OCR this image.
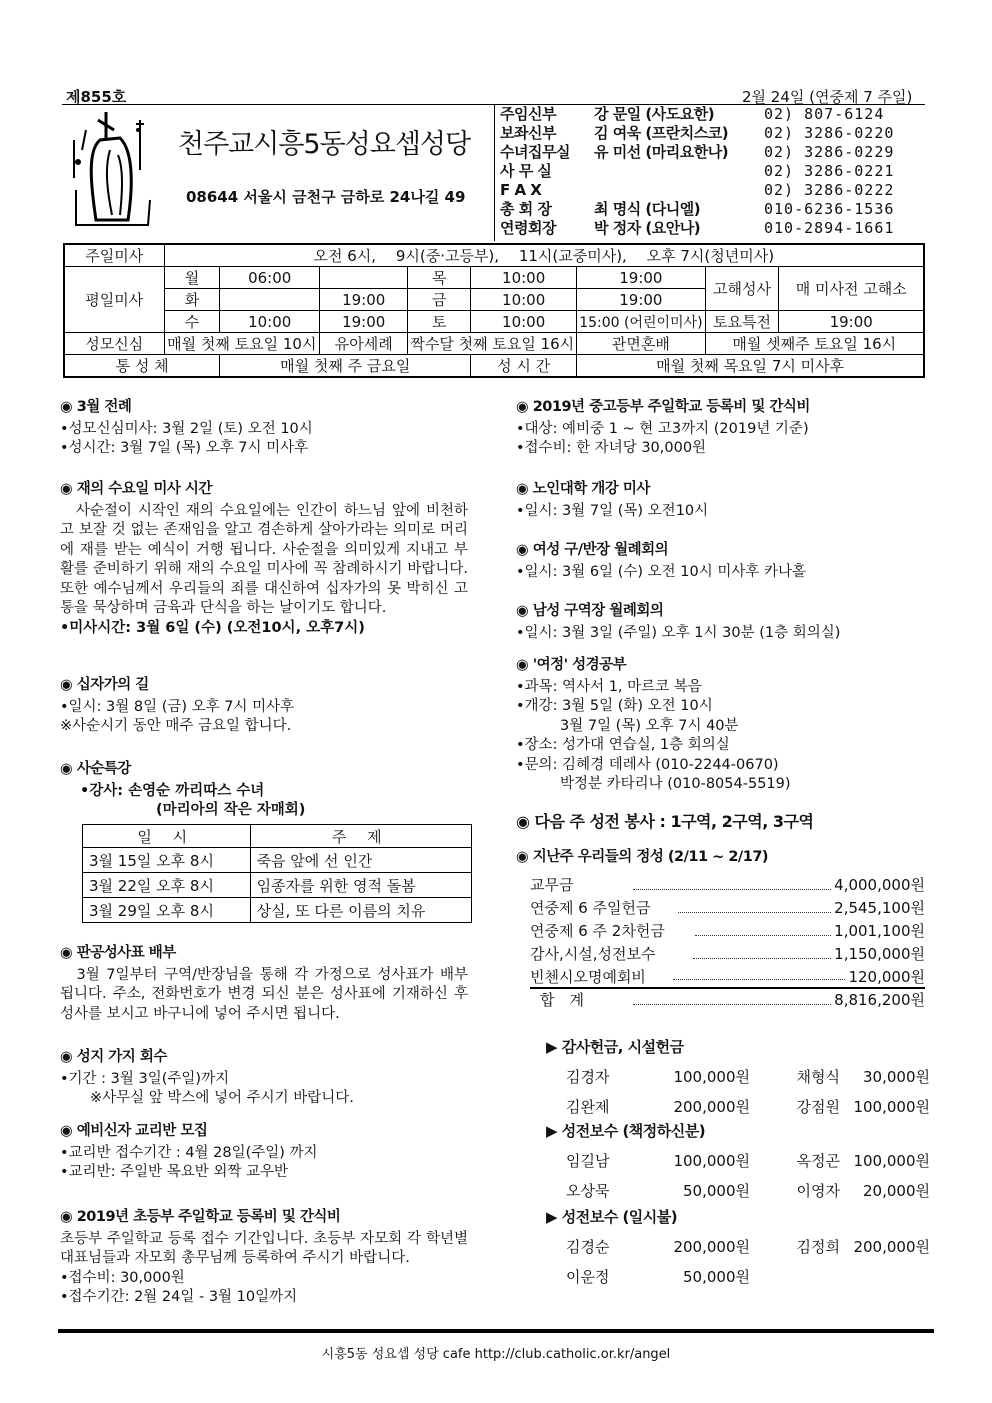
제855호	2월 24일 (연중제 7 주일)
천주교시흥5동성요셉성당
08644 서울시 금천구 금하로 24나길 49
주임신부	강 문일 (사도요한)	02) 807-6124
보좌신부	김 여욱 (프란치스코)	02) 3286-0220
수녀집무실	유 미선 (마리요한나)	02) 3286-0229
사 무 실	02) 3286-0221
F A X	02) 3286-0222
총 회 장	최 명식 (다니엘)	010-6236-1536
연령회장	박 정자 (요안나)	010-2894-1661
주일미사	오전 6시,　 9시(중·고등부),　 11시(교중미사),　 오후 7시(청년미사)							
평일미사	월	06:00		목	10:00	19:00	고해성사	매 미사전 고해소
	화		19:00	금	10:00	19:00		
	수	10:00	19:00	토	10:00	15:00 (어린이미사)	토요특전	19:00
성모신심	매월 첫째 토요일 10시		유아세례	짝수달 첫째 토요일 16시		관면혼배	매월 셋째주 토요일 16시	
통 성 체		매월 첫째 주 금요일			성 시 간	매월 첫째 목요일 7시 미사후		
◉ 3월 전례

•성모신심미사: 3월 2일 (토) 오전 10시

•성시간: 3월 7일 (목) 오후 7시 미사후

◉ 재의 수요일 미사 시간

　사순절이 시작인 재의 수요일에는 인간이 하느님 앞에 비천하고 보잘 것 없는 존재임을 알고 겸손하게 살아가라는 의미로 머리에 재를 받는 예식이 거행 됩니다. 사순절을 의미있게 지내고 부활를 준비하기 위해 재의 수요일 미사에 꼭 참례하시기 바랍니다. 또한 예수님께서 우리들의 죄를 대신하여 십자가의 못 박히신 고통을 묵상하며 금육과 단식을 하는 날이기도 합니다.

•미사시간: 3월 6일 (수) (오전10시, 오후7시)

◉ 십자가의 길

•일시: 3월 8일 (금) 오후 7시 미사후

※사순시기 동안 매주 금요일 합니다.

◉ 사순특강

•강사: 손영순 까리따스 수녀

(마리아의 작은 자매회)

일 시	주 제
3월 15일 오후 8시	죽음 앞에 선 인간
3월 22일 오후 8시	임종자를 위한 영적 돌봄
3월 29일 오후 8시	상실, 또 다른 이름의 치유
◉ 판공성사표 배부

　3월 7일부터 구역/반장님을 통해 각 가정으로 성사표가 배부 됩니다. 주소, 전화번호가 변경 되신 분은 성사표에 기재하신 후 성사를 보시고 바구니에 넣어 주시면 됩니다.

◉ 성지 가지 회수

•기간 : 3월 3일(주일)까지

※사무실 앞 박스에 넣어 주시기 바랍니다.

◉ 예비신자 교리반 모집

•교리반 접수기간 : 4월 28일(주일) 까지

•교리반: 주일반 목요반 외짝 교우반

◉ 2019년 초등부 주일학교 등록비 및 간식비

초등부 주일학교 등록 접수 기간입니다. 초등부 자모회 각 학년별 대표님들과 자모회 총무님께 등록하여 주시기 바랍니다.

•접수비: 30,000원

•접수기간: 2월 24일 - 3월 10일까지

◉ 2019년 중고등부 주일학교 등록비 및 간식비

•대상: 예비중 1 ~ 현 고3까지 (2019년 기준)

•접수비: 한 자녀당 30,000원

◉ 노인대학 개강 미사

•일시: 3월 7일 (목) 오전10시

◉ 여성 구/반장 월례회의

•일시: 3월 6일 (수) 오전 10시 미사후 카나홀

◉ 남성 구역장 월례회의

•일시: 3월 3일 (주일) 오후 1시 30분 (1층 회의실)

◉ '여정' 성경공부

•과목: 역사서 1, 마르코 복음

•개강: 3월 5일 (화) 오전 10시

3월 7일 (목) 오후 7시 40분

•장소: 성가대 연습실, 1층 회의실

•문의: 김혜경 데레사 (010-2244-0670)

박정분 카타리나 (010-8054-5519)

◉ 다음 주 성전 봉사 : 1구역, 2구역, 3구역
◉ 지난주 우리들의 정성 (2/11 ~ 2/17)
교무금	4,000,000원
연중제 6 주일헌금	2,545,100원
연중제 6 주 2차헌금	1,001,100원
감사,시설,성전보수	1,150,000원
빈첸시오명예회비	120,000원
합　계	8,816,200원
▶ 감사헌금, 시설헌금
김경자	100,000원	채형식	30,000원
김완제	200,000원	강점원 100,000원
▶ 성전보수 (책정하신분)
임길남	100,000원	옥정곤 100,000원
오상묵	50,000원	이영자	20,000원
▶ 성전보수 (일시불)
김경순	200,000원	김정희 200,000원
이운정	50,000원
시흥5동 성요셉 성당 cafe http://club.catholic.or.kr/angel
